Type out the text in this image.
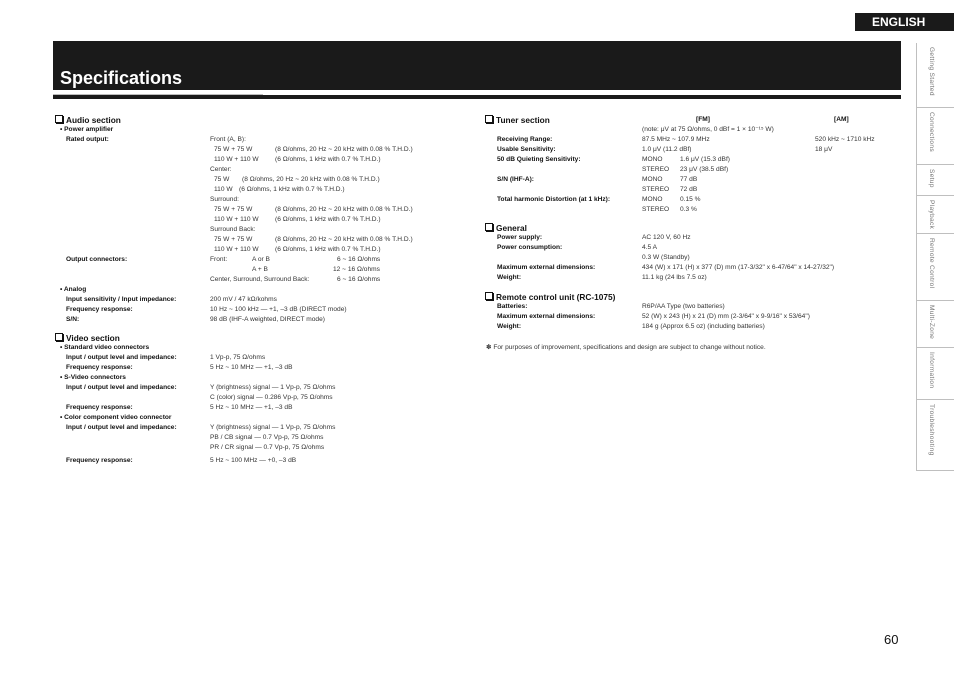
ENGLISH
Specifications	Getting Started
Connections
Setup
Playback
Remote Control
Multi-Zone
Information
Troubleshooting
Audio section
• Power amplifier
Rated output:	Front (A, B):
75 W + 75 W	(8 Ω/ohms, 20 Hz ~ 20 kHz with 0.08 % T.H.D.)
110 W + 110 W (6 Ω/ohms, 1 kHz with 0.7 % T.H.D.)
Center:
75 W (8 Ω/ohms, 20 Hz ~ 20 kHz with 0.08 % T.H.D.)
110 W (6 Ω/ohms, 1 kHz with 0.7 % T.H.D.)
Surround:
75 W + 75 W	(8 Ω/ohms, 20 Hz ~ 20 kHz with 0.08 % T.H.D.)
110 W + 110 W (6 Ω/ohms, 1 kHz with 0.7 % T.H.D.)
Surround Back:
75 W + 75 W	(8 Ω/ohms, 20 Hz ~ 20 kHz with 0.08 % T.H.D.)
110 W + 110 W (6 Ω/ohms, 1 kHz with 0.7 % T.H.D.)
Output connectors:	Front:	A or B	6 ~ 16 Ω/ohms
A + B	12 ~ 16 Ω/ohms
Center, Surround, Surround Back:	6 ~ 16 Ω/ohms
• Analog
Input sensitivity / Input impedance:	200 mV / 47 kΩ/kohms
Frequency response:	10 Hz ~ 100 kHz — +1, –3 dB (DIRECT mode)
S/N:	98 dB (IHF-A weighted, DIRECT mode)
Video section
• Standard video connectors
Input / output level and impedance:	1 Vp-p, 75 Ω/ohms
Frequency response:	5 Hz ~ 10 MHz — +1, –3 dB
• S-Video connectors
Input / output level and impedance:	Y (brightness) signal — 1 Vp-p, 75 Ω/ohms
C (color) signal — 0.286 Vp-p, 75 Ω/ohms
Frequency response:	5 Hz ~ 10 MHz — +1, –3 dB
• Color component video connector
Input / output level and impedance:	Y (brightness) signal — 1 Vp-p, 75 Ω/ohms
PB / CB signal — 0.7 Vp-p, 75 Ω/ohms
PR / CR signal — 0.7 Vp-p, 75 Ω/ohms
Frequency response:	5 Hz ~ 100 MHz — +0, –3 dB
Tuner section	[FM]	[AM]
(note: μV at 75 Ω/ohms, 0 dBf = 1 × 10⁻¹⁵ W)
Receiving Range:	87.5 MHz ~ 107.9 MHz	520 kHz ~ 1710 kHz
Usable Sensitivity:	1.0 μV (11.2 dBf)	18 μV
50 dB Quieting Sensitivity:	MONO	1.6 μV (15.3 dBf)
STEREO 23 μV (38.5 dBf)
S/N (IHF-A):	MONO	77 dB
STEREO 72 dB
Total harmonic Distortion (at 1 kHz):	MONO	0.15 %
STEREO 0.3 %
General
Power supply:	AC 120 V, 60 Hz
Power consumption:	4.5 A
0.3 W (Standby)
Maximum external dimensions:	434 (W) x 171 (H) x 377 (D) mm (17-3/32" x 6-47/64" x 14-27/32")
Weight:	11.1 kg (24 lbs 7.5 oz)
Remote control unit (RC-1075)
Batteries:	R6P/AA Type (two batteries)
Maximum external dimensions:	52 (W) x 243 (H) x 21 (D) mm (2-3/64" x 9-9/16" x 53/64")
Weight:	184 g (Approx 6.5 oz) (including batteries)
✽ For purposes of improvement, specifications and design are subject to change without notice.
60
